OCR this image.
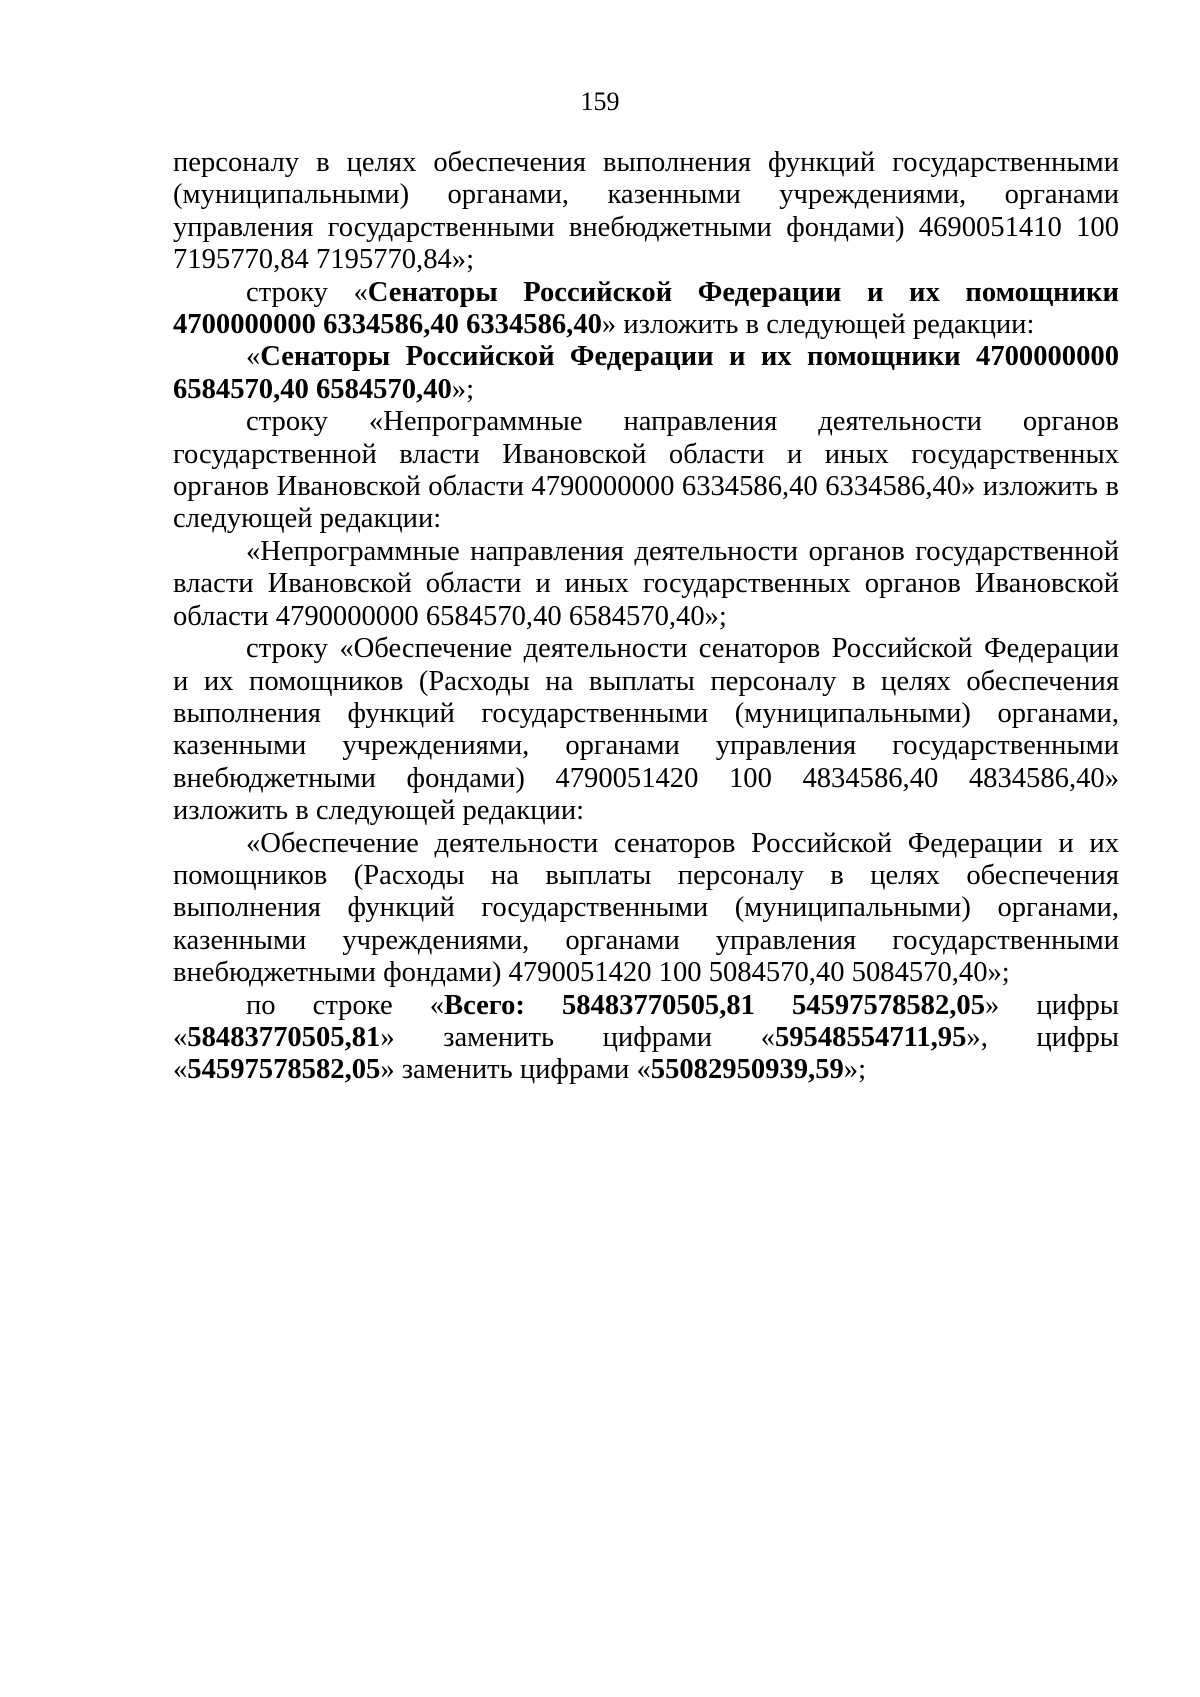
159

персоналу в целях обеспечения выполнения функций государственными (муниципальными) органами, казенными учреждениями, органами управления государственными внебюджетными фондами) 4690051410 100 7195770,84 7195770,84»;

строку «Сенаторы Российской Федерации и их помощники 4700000000 6334586,40 6334586,40» изложить в следующей редакции:

«Сенаторы Российской Федерации и их помощники 4700000000 6584570,40 6584570,40»;

строку «Непрограммные направления деятельности органов государственной власти Ивановской области и иных государственных органов Ивановской области 4790000000 6334586,40 6334586,40» изложить в следующей редакции:

«Непрограммные направления деятельности органов государственной власти Ивановской области и иных государственных органов Ивановской области 4790000000 6584570,40 6584570,40»;

строку «Обеспечение деятельности сенаторов Российской Федерации и их помощников (Расходы на выплаты персоналу в целях обеспечения выполнения функций государственными (муниципальными) органами, казенными учреждениями, органами управления государственными внебюджетными фондами) 4790051420 100 4834586,40 4834586,40» изложить в следующей редакции:

«Обеспечение деятельности сенаторов Российской Федерации и их помощников (Расходы на выплаты персоналу в целях обеспечения выполнения функций государственными (муниципальными) органами, казенными учреждениями, органами управления государственными внебюджетными фондами) 4790051420 100 5084570,40 5084570,40»;

по строке «Всего: 58483770505,81 54597578582,05» цифры «58483770505,81» заменить цифрами «59548554711,95», цифры «54597578582,05» заменить цифрами «55082950939,59»;
